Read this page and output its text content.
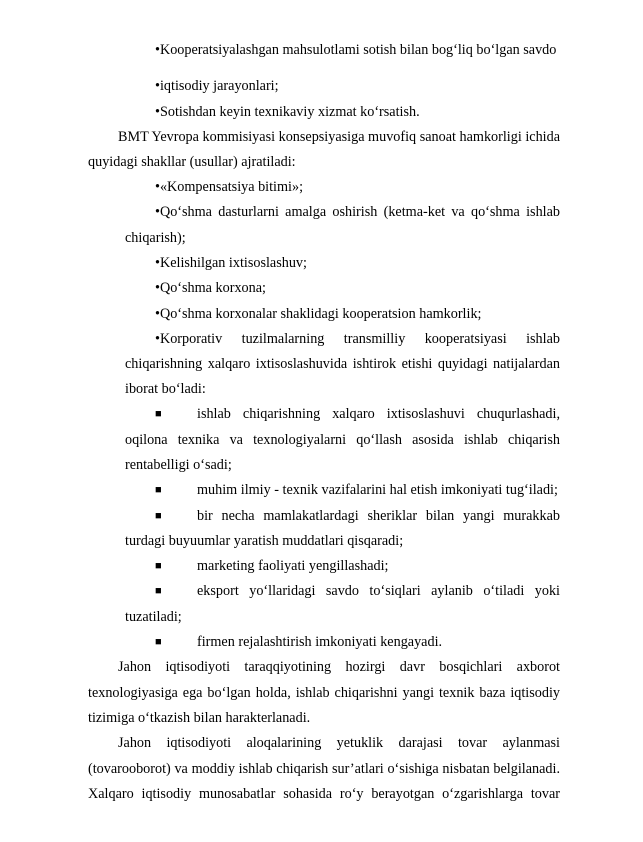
•Kooperatsiyalashgan mahsulotlami sotish bilan bog‘liq bo‘lgan savdo
•iqtisodiy jarayonlari;
•Sotishdan keyin texnikaviy xizmat ko‘rsatish.
BMT Yevropa kommisiyasi konsepsiyasiga muvofiq sanoat hamkorligi ichida
quyidagi shakllar (usullar) ajratiladi:
•«Kompensatsiya bitimi»;
•Qo‘shma dasturlarni amalga oshirish (ketma-ket va qo‘shma ishlab
chiqarish);
•Kelishilgan ixtisoslashuv;
•Qo‘shma korxona;
•Qo‘shma korxonalar shaklidagi kooperatsion hamkorlik;
•Korporativ tuzilmalarning transmilliy kooperatsiyasi ishlab
chiqarishning xalqaro ixtisoslashuvida ishtirok etishi quyidagi natijalardan
iborat bo‘ladi:
■ ishlab chiqarishning xalqaro ixtisoslashuvi chuqurlashadi,
oqilona texnika va texnologiyalarni qo‘llash asosida ishlab chiqarish
rentabelligi o‘sadi;
■ muhim ilmiy - texnik vazifalarini hal etish imkoniyati tug‘iladi;
■ bir necha mamlakatlardagi sheriklar bilan yangi murakkab
turdagi buyuumlar yaratish muddatlari qisqaradi;
■ marketing faoliyati yengillashadi;
■ eksport yo‘llaridagi savdo to‘siqlari aylanib o‘tiladi yoki
tuzatiladi;
■ firmen rejalashtirish imkoniyati kengayadi.
Jahon iqtisodiyoti taraqqiyotining hozirgi davr bosqichlari axborot
texnologiyasiga ega bo‘lgan holda, ishlab chiqarishni yangi texnik baza iqtisodiy
tizimiga o‘tkazish bilan harakterlanadi.
Jahon iqtisodiyoti aloqalarining yetuklik darajasi tovar aylanmasi
(tovarooborot) va moddiy ishlab chiqarish sur’atlari o‘sishiga nisbatan belgilanadi.
Xalqaro iqtisodiy munosabatlar sohasida ro‘y berayotgan o‘zgarishlarga tovar
